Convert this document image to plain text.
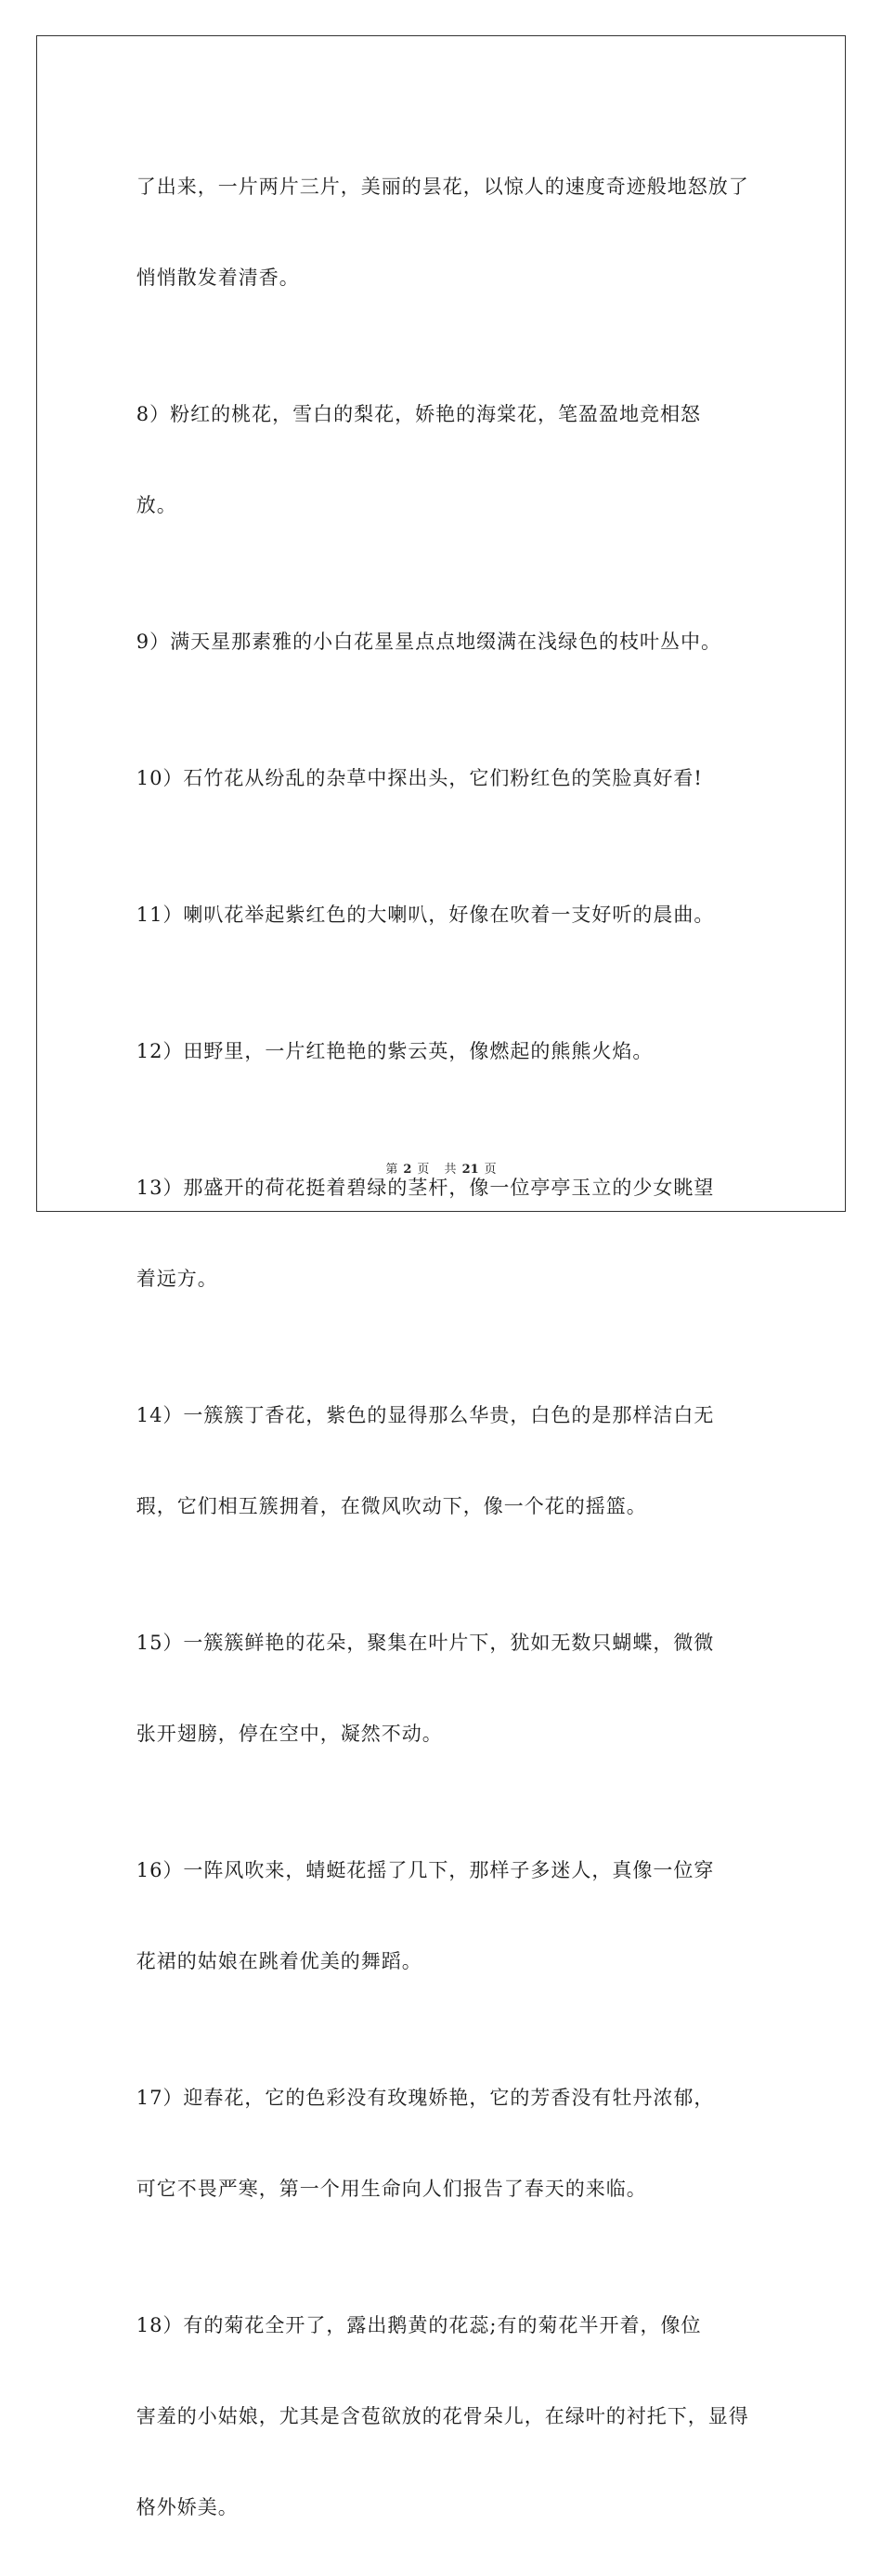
了出来，一片两片三片，美丽的昙花，以惊人的速度奇迹般地怒放了

悄悄散发着清香。

8）粉红的桃花，雪白的梨花，娇艳的海棠花，笔盈盈地竞相怒

放。

9）满天星那素雅的小白花星星点点地缀满在浅绿色的枝叶丛中。

10）石竹花从纷乱的杂草中探出头，它们粉红色的笑脸真好看!

11）喇叭花举起紫红色的大喇叭，好像在吹着一支好听的晨曲。

12）田野里，一片红艳艳的紫云英，像燃起的熊熊火焰。

13）那盛开的荷花挺着碧绿的茎杆，像一位亭亭玉立的少女眺望

着远方。

14）一簇簇丁香花，紫色的显得那么华贵，白色的是那样洁白无

瑕，它们相互簇拥着，在微风吹动下，像一个花的摇篮。

15）一簇簇鲜艳的花朵，聚集在叶片下，犹如无数只蝴蝶，微微

张开翅膀，停在空中，凝然不动。

16）一阵风吹来，蜻蜓花摇了几下，那样子多迷人，真像一位穿

花裙的姑娘在跳着优美的舞蹈。

17）迎春花，它的色彩没有玫瑰娇艳，它的芳香没有牡丹浓郁，

可它不畏严寒，第一个用生命向人们报告了春天的来临。

18）有的菊花全开了，露出鹅黄的花蕊;有的菊花半开着，像位

害羞的小姑娘，尤其是含苞欲放的花骨朵儿，在绿叶的衬托下，显得

格外娇美。

第 2 页 共 21 页
